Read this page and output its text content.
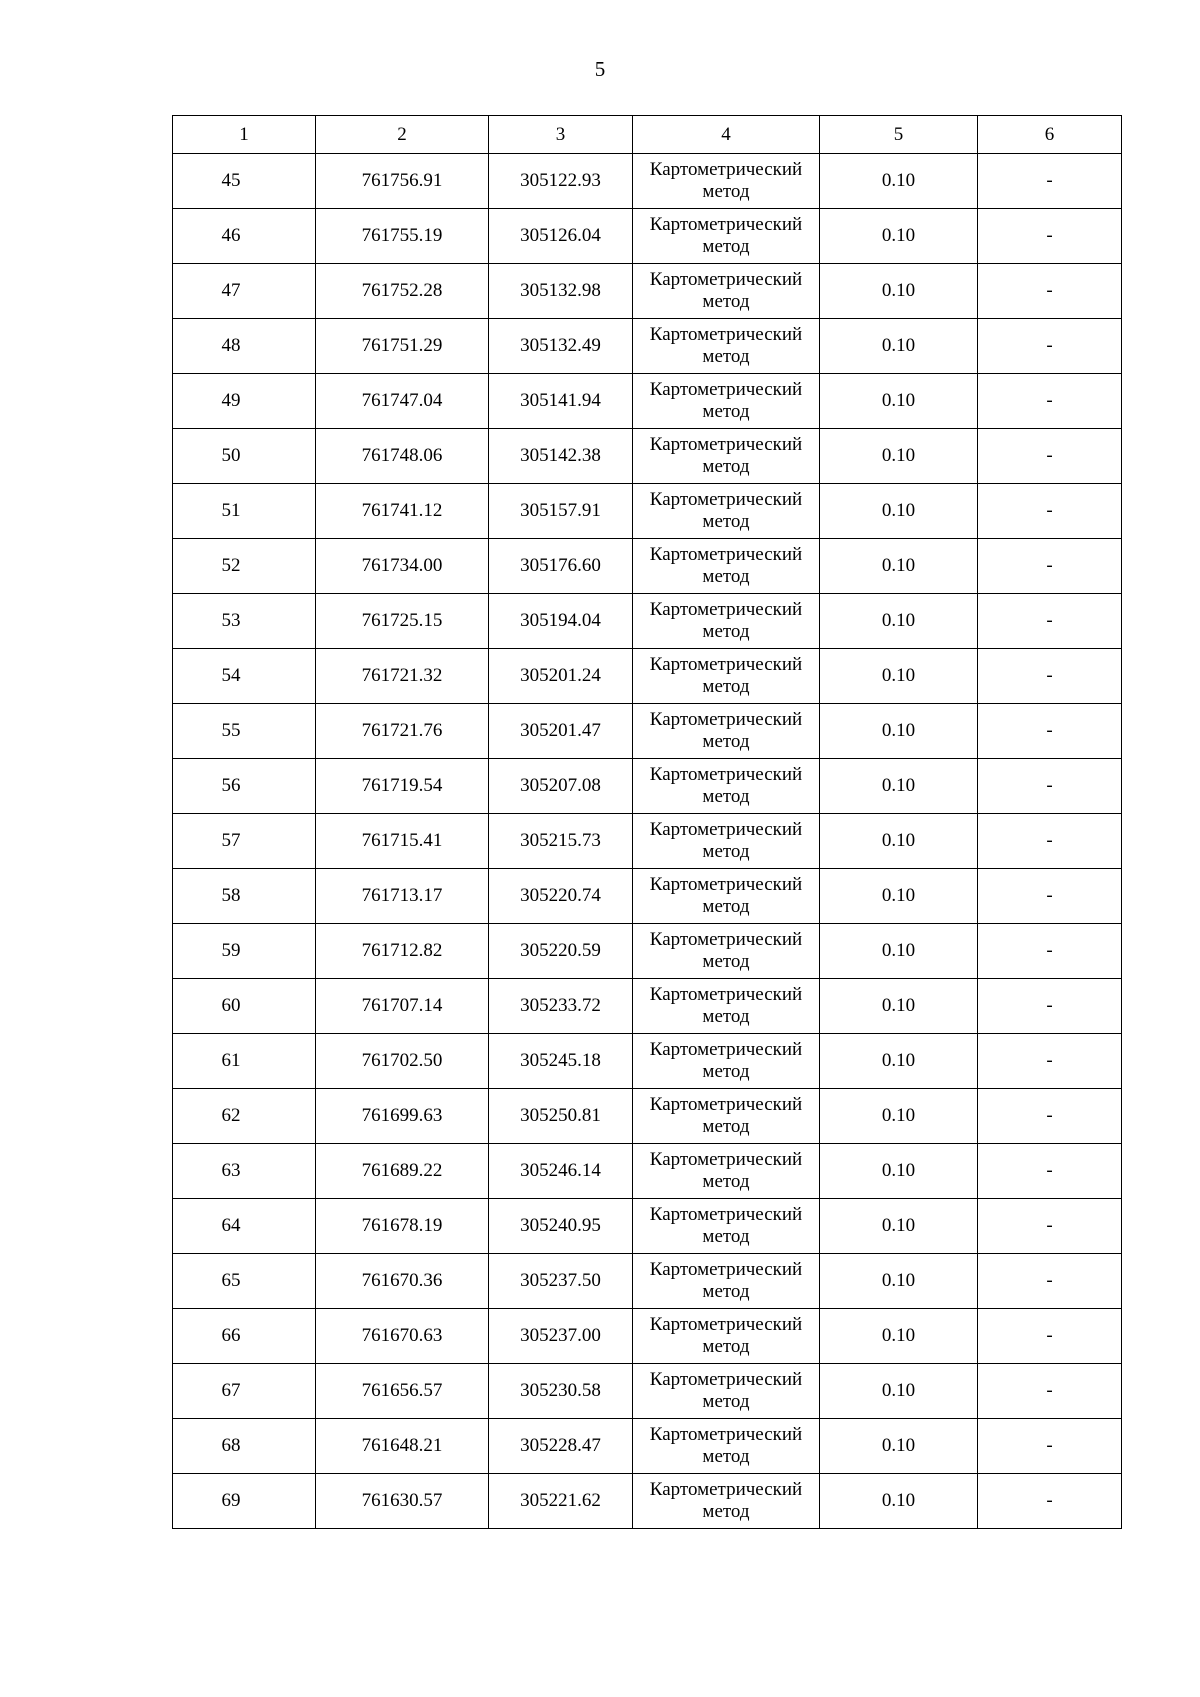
5
1	2	3	4	5	6
45	761756.91	305122.93	Картометрический метод	0.10	-
46	761755.19	305126.04	Картометрический метод	0.10	-
47	761752.28	305132.98	Картометрический метод	0.10	-
48	761751.29	305132.49	Картометрический метод	0.10	-
49	761747.04	305141.94	Картометрический метод	0.10	-
50	761748.06	305142.38	Картометрический метод	0.10	-
51	761741.12	305157.91	Картометрический метод	0.10	-
52	761734.00	305176.60	Картометрический метод	0.10	-
53	761725.15	305194.04	Картометрический метод	0.10	-
54	761721.32	305201.24	Картометрический метод	0.10	-
55	761721.76	305201.47	Картометрический метод	0.10	-
56	761719.54	305207.08	Картометрический метод	0.10	-
57	761715.41	305215.73	Картометрический метод	0.10	-
58	761713.17	305220.74	Картометрический метод	0.10	-
59	761712.82	305220.59	Картометрический метод	0.10	-
60	761707.14	305233.72	Картометрический метод	0.10	-
61	761702.50	305245.18	Картометрический метод	0.10	-
62	761699.63	305250.81	Картометрический метод	0.10	-
63	761689.22	305246.14	Картометрический метод	0.10	-
64	761678.19	305240.95	Картометрический метод	0.10	-
65	761670.36	305237.50	Картометрический метод	0.10	-
66	761670.63	305237.00	Картометрический метод	0.10	-
67	761656.57	305230.58	Картометрический метод	0.10	-
68	761648.21	305228.47	Картометрический метод	0.10	-
69	761630.57	305221.62	Картометрический метод	0.10	-
